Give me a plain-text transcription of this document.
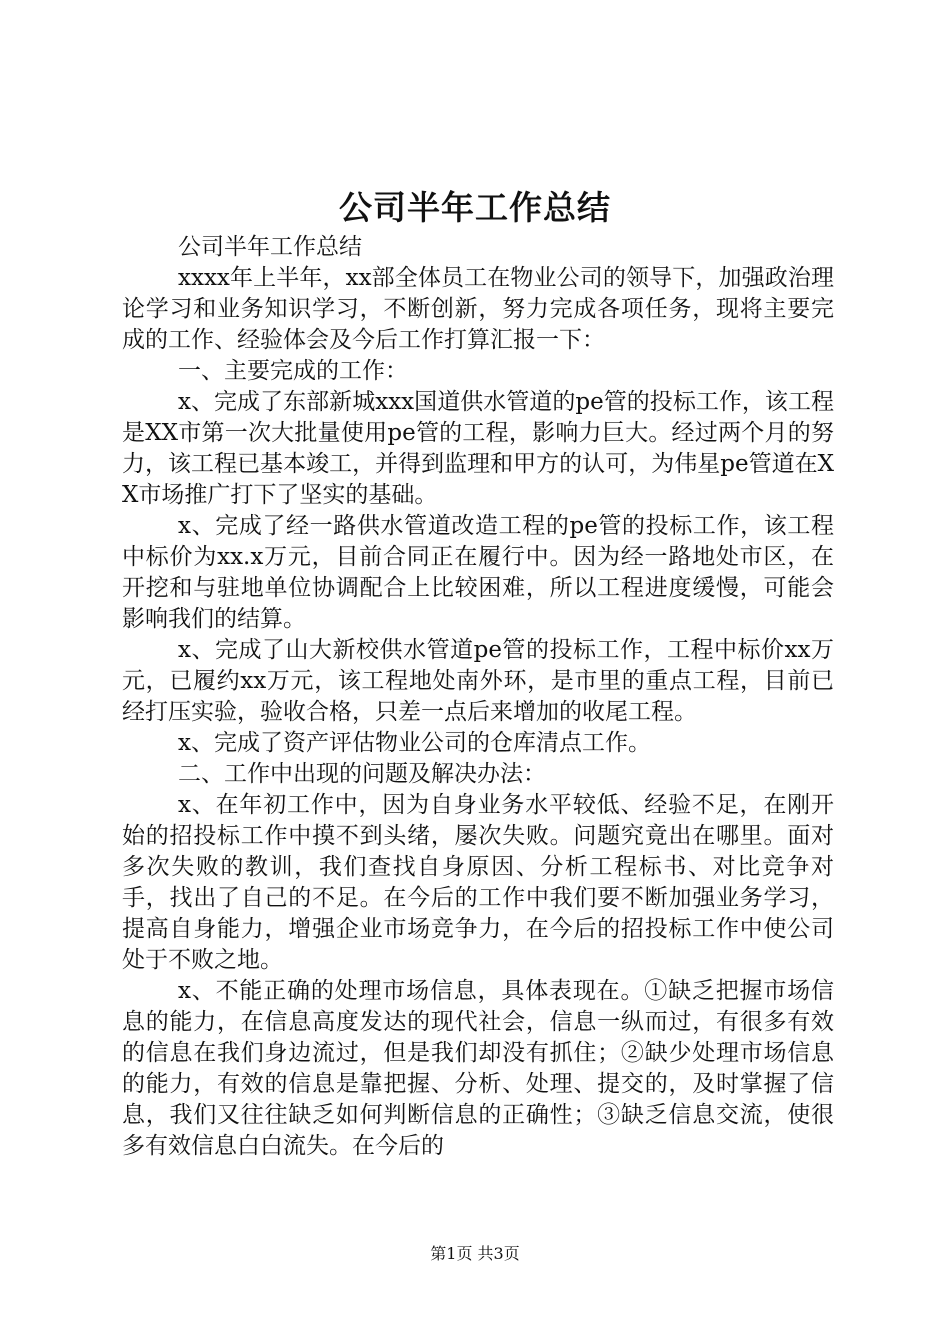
公司半年工作总结

公司半年工作总结

xxxx年上半年，xx部全体员工在物业公司的领导下，加强政治理论学习和业务知识学习，不断创新，努力完成各项任务，现将主要完成的工作、经验体会及今后工作打算汇报一下：

一、主要完成的工作：

x、完成了东部新城xxx国道供水管道的pe管的投标工作，该工程是XX市第一次大批量使用pe管的工程，影响力巨大。经过两个月的努力，该工程已基本竣工，并得到监理和甲方的认可，为伟星pe管道在XX市场推广打下了坚实的基础。

x、完成了经一路供水管道改造工程的pe管的投标工作，该工程中标价为xx.x万元，目前合同正在履行中。因为经一路地处市区，在开挖和与驻地单位协调配合上比较困难，所以工程进度缓慢，可能会影响我们的结算。

x、完成了山大新校供水管道pe管的投标工作，工程中标价xx万元，已履约xx万元，该工程地处南外环，是市里的重点工程，目前已经打压实验，验收合格，只差一点后来增加的收尾工程。

x、完成了资产评估物业公司的仓库清点工作。

二、工作中出现的问题及解决办法：

x、在年初工作中，因为自身业务水平较低、经验不足，在刚开始的招投标工作中摸不到头绪，屡次失败。问题究竟出在哪里。面对多次失败的教训，我们查找自身原因、分析工程标书、对比竞争对手，找出了自己的不足。在今后的工作中我们要不断加强业务学习，提高自身能力，增强企业市场竞争力，在今后的招投标工作中使公司处于不败之地。

x、不能正确的处理市场信息，具体表现在。①缺乏把握市场信息的能力，在信息高度发达的现代社会，信息一纵而过，有很多有效的信息在我们身边流过，但是我们却没有抓住；②缺少处理市场信息的能力，有效的信息是靠把握、分析、处理、提交的，及时掌握了信息，我们又往往缺乏如何判断信息的正确性；③缺乏信息交流，使很多有效信息白白流失。在今后的

第1页 共3页
